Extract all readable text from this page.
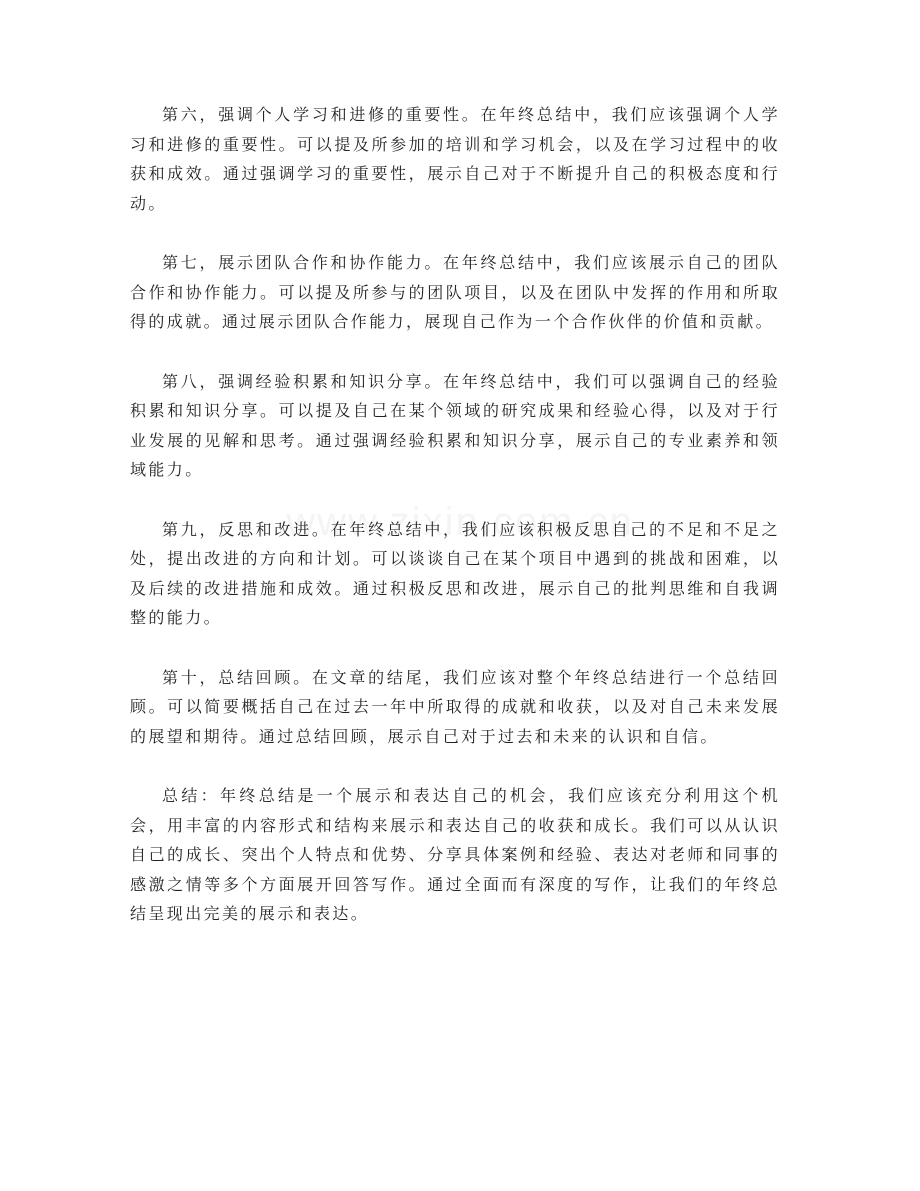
第六，强调个人学习和进修的重要性。在年终总结中，我们应该强调个人学习和进修的重要性。可以提及所参加的培训和学习机会，以及在学习过程中的收获和成效。通过强调学习的重要性，展示自己对于不断提升自己的积极态度和行动。

第七，展示团队合作和协作能力。在年终总结中，我们应该展示自己的团队合作和协作能力。可以提及所参与的团队项目，以及在团队中发挥的作用和所取得的成就。通过展示团队合作能力，展现自己作为一个合作伙伴的价值和贡献。

第八，强调经验积累和知识分享。在年终总结中，我们可以强调自己的经验积累和知识分享。可以提及自己在某个领域的研究成果和经验心得，以及对于行业发展的见解和思考。通过强调经验积累和知识分享，展示自己的专业素养和领域能力。

第九，反思和改进。在年终总结中，我们应该积极反思自己的不足和不足之处，提出改进的方向和计划。可以谈谈自己在某个项目中遇到的挑战和困难，以及后续的改进措施和成效。通过积极反思和改进，展示自己的批判思维和自我调整的能力。

第十，总结回顾。在文章的结尾，我们应该对整个年终总结进行一个总结回顾。可以简要概括自己在过去一年中所取得的成就和收获，以及对自己未来发展的展望和期待。通过总结回顾，展示自己对于过去和未来的认识和自信。

总结：年终总结是一个展示和表达自己的机会，我们应该充分利用这个机会，用丰富的内容形式和结构来展示和表达自己的收获和成长。我们可以从认识自己的成长、突出个人特点和优势、分享具体案例和经验、表达对老师和同事的感激之情等多个方面展开回答写作。通过全面而有深度的写作，让我们的年终总结呈现出完美的展示和表达。
